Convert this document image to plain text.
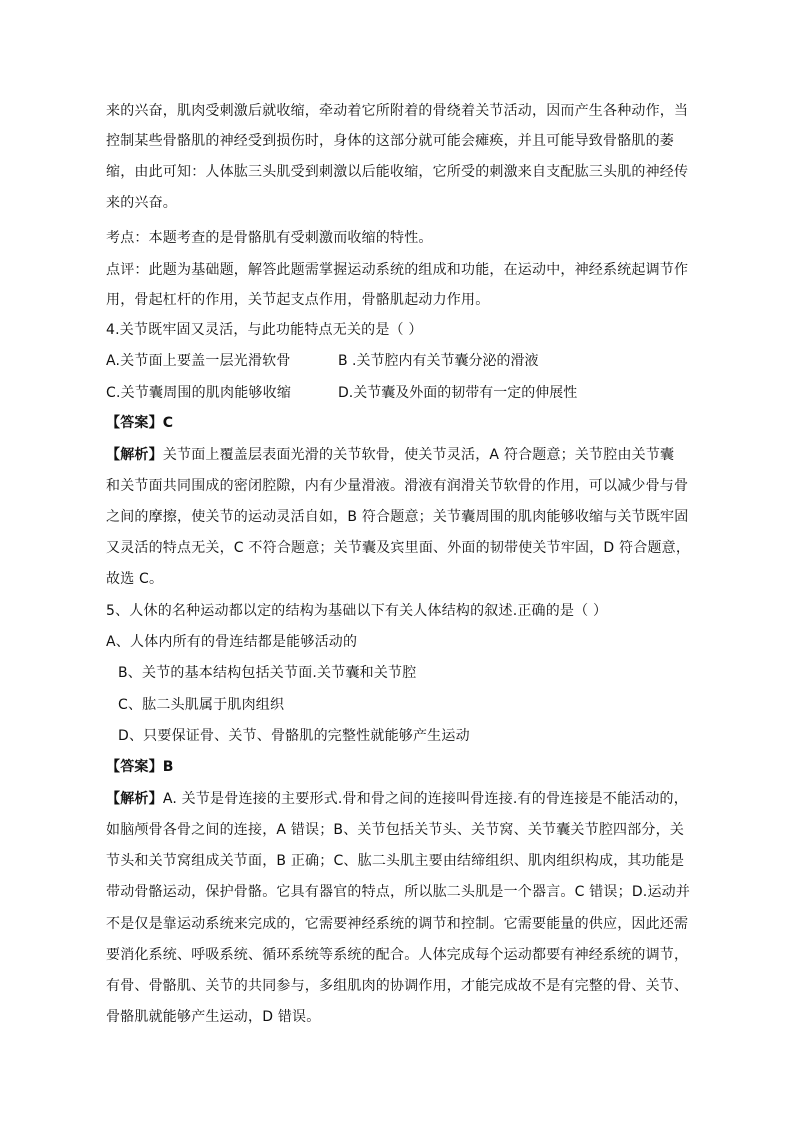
来的兴奋，肌肉受刺激后就收缩，牵动着它所附着的骨绕着关节活动，因而产生各种动作，当
控制某些骨骼肌的神经受到损伤时，身体的这部分就可能会瘫痪，并且可能导致骨骼肌的萎
缩，由此可知：人体肱三头肌受到刺激以后能收缩，它所受的刺激来自支配肱三头肌的神经传
来的兴奋。
考点：本题考查的是骨骼肌有受刺激而收缩的特性。
点评：此题为基础题，解答此题需掌握运动系统的组成和功能，在运动中，神经系统起调节作
用，骨起杠杆的作用，关节起支点作用，骨骼肌起动力作用。
4.关节既牢固又灵活，与此功能特点无关的是（ ）
A.关节面上要盖一层光滑软骨	B .关节腔内有关节囊分泌的滑液
C.关节囊周围的肌肉能够收缩	D.关节囊及外面的韧带有一定的伸展性
【答案】C
【解析】关节面上覆盖层表面光滑的关节软骨，使关节灵活，A 符合题意；关节腔由关节囊
和关节面共同围成的密闭腔隙，内有少量滑液。滑液有润滑关节软骨的作用，可以减少骨与骨
之间的摩擦，使关节的运动灵活自如，B 符合题意；关节囊周围的肌肉能够收缩与关节既牢固
又灵活的特点无关，C 不符合题意；关节囊及宾里面、外面的韧带使关节牢固，D 符合题意，
故选 C。
5、人休的名种运动都以定的结构为基础以下有关人体结构的叙述.正确的是（ ）
A、人体内所有的骨连结都是能够活动的
B、关节的基本结构包括关节面.关节囊和关节腔
C、肱二头肌属于肌肉组织
D、只要保证骨、关节、骨骼肌的完整性就能够产生运动
【答案】B
【解析】A. 关节是骨连接的主要形式.骨和骨之间的连接叫骨连接.有的骨连接是不能活动的，
如脑颅骨各骨之间的连接，A 错误；B、关节包括关节头、关节窝、关节囊关节腔四部分，关
节头和关节窝组成关节面，B 正确；C、肱二头肌主要由结缔组织、肌肉组织构成，其功能是
带动骨骼运动，保护骨骼。它具有器官的特点，所以肱二头肌是一个器言。C 错误；D.运动并
不是仅是靠运动系统来完成的，它需要神经系统的调节和控制。它需要能量的供应，因此还需
要消化系统、呼吸系统、循环系统等系统的配合。人体完成每个运动都要有神经系统的调节，
有骨、骨骼肌、关节的共同参与，多组肌肉的协调作用，才能完成故不是有完整的骨、关节、
骨骼肌就能够产生运动，D 错误。
